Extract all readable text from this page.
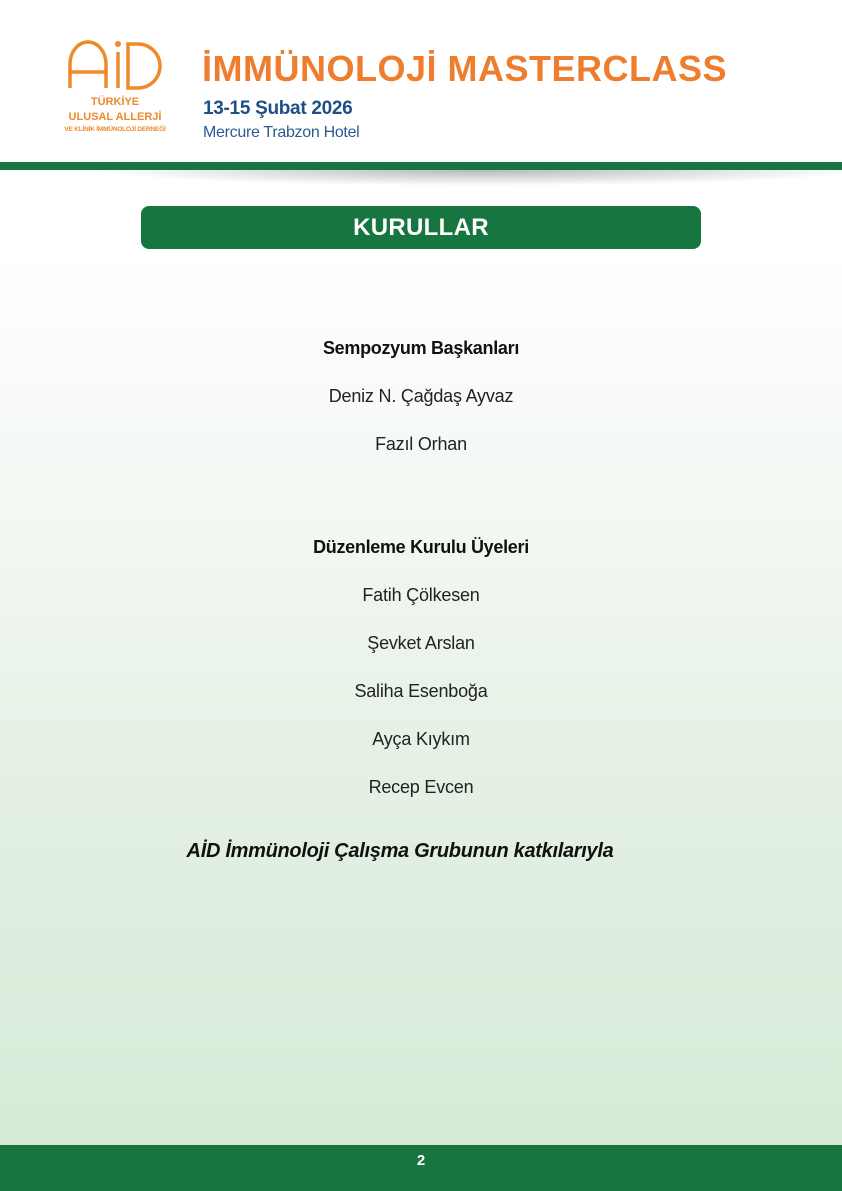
TÜRKİYE
ULUSAL ALLERJİ
VE KLİNİK İMMÜNOLOJİ DERNEĞİ
İMMÜNOLOJİ MASTERCLASS
13-15 Şubat 2026
Mercure Trabzon Hotel
KURULLAR
Sempozyum Başkanları
Deniz N. Çağdaş Ayvaz
Fazıl Orhan
Düzenleme Kurulu Üyeleri
Fatih Çölkesen
Şevket Arslan
Saliha Esenboğa
Ayça Kıykım
Recep Evcen
AİD İmmünoloji Çalışma Grubunun katkılarıyla
2
